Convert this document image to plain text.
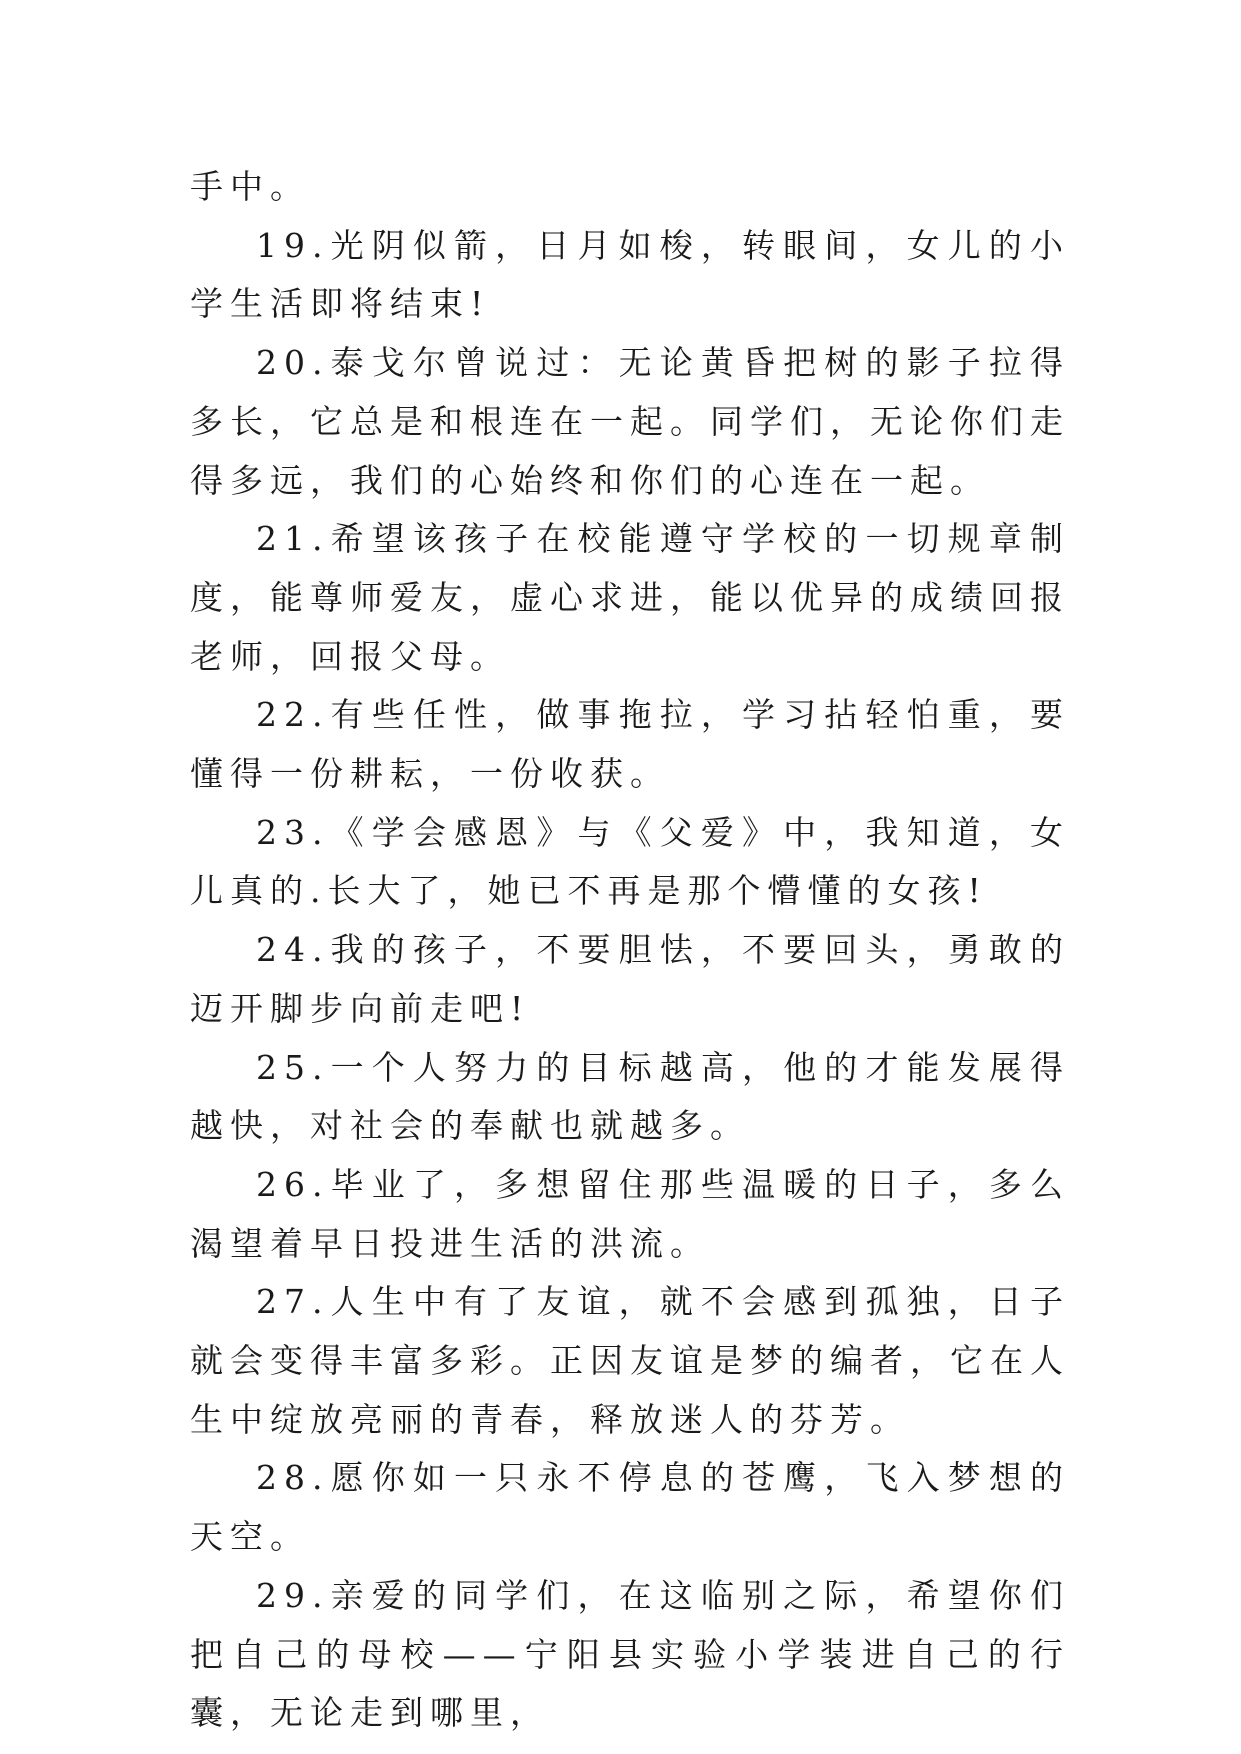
手中。

19.光阴似箭，日月如梭，转眼间，女儿的小学生活即将结束!

20.泰戈尔曾说过：无论黄昏把树的影子拉得多长，它总是和根连在一起。同学们，无论你们走得多远，我们的心始终和你们的心连在一起。

21.希望该孩子在校能遵守学校的一切规章制度，能尊师爱友，虚心求进，能以优异的成绩回报老师，回报父母。

22.有些任性，做事拖拉，学习拈轻怕重，要懂得一份耕耘，一份收获。

23.《学会感恩》与《父爱》中，我知道，女儿真的.长大了，她已不再是那个懵懂的女孩!

24.我的孩子，不要胆怯，不要回头，勇敢的迈开脚步向前走吧!

25.一个人努力的目标越高，他的才能发展得越快，对社会的奉献也就越多。

26.毕业了，多想留住那些温暖的日子，多么渴望着早日投进生活的洪流。

27.人生中有了友谊，就不会感到孤独，日子就会变得丰富多彩。正因友谊是梦的编者，它在人生中绽放亮丽的青春，释放迷人的芬芳。

28.愿你如一只永不停息的苍鹰，飞入梦想的天空。

29.亲爱的同学们，在这临别之际，希望你们把自己的母校——宁阳县实验小学装进自己的行囊，无论走到哪里，
